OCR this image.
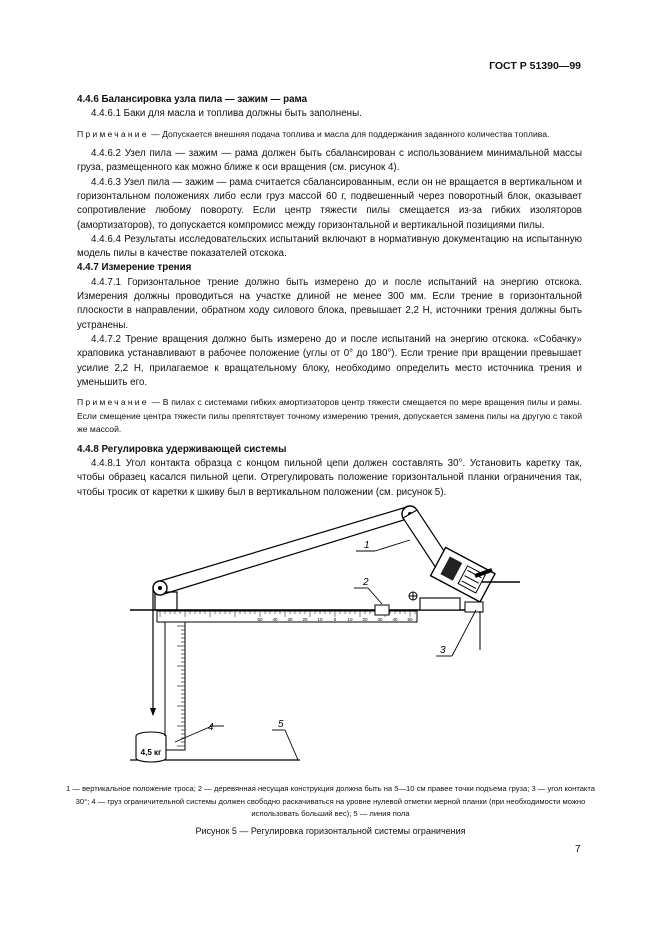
ГОСТ Р 51390—99

4.4.6 Балансировка узла пила — зажим — рама

4.4.6.1 Баки для масла и топлива должны быть заполнены.

Примечание — Допускается внешняя подача топлива и масла для поддержания заданного количества топлива.

4.4.6.2 Узел пила — зажим — рама должен быть сбалансирован с использованием минимальной массы груза, размещенного как можно ближе к оси вращения (см. рисунок 4).

4.4.6.3 Узел пила — зажим — рама считается сбалансированным, если он не вращается в вертикальном и горизонтальном положениях либо если груз массой 60 г, подвешенный через поворотный блок, оказывает сопротивление любому повороту. Если центр тяжести пилы смещается из-за гибких изоляторов (амортизаторов), то допускается компромисс между горизонтальной и вертикальной позициями пилы.

4.4.6.4 Результаты исследовательских испытаний включают в нормативную документацию на испытанную модель пилы в качестве показателей отскока.

4.4.7 Измерение трения

4.4.7.1 Горизонтальное трение должно быть измерено до и после испытаний на энергию отскока. Измерения должны проводиться на участке длиной не менее 300 мм. Если трение в горизонтальной плоскости в направлении, обратном ходу силового блока, превышает 2,2 Н, источники трения должны быть устранены.

4.4.7.2 Трение вращения должно быть измерено до и после испытаний на энергию отскока. «Собачку» храповика устанавливают в рабочее положение (углы от 0° до 180°). Если трение при вращении превышает усилие 2,2 Н, прилагаемое к вращательному блоку, необходимо определить место источника трения и уменьшить его.

Примечание — В пилах с системами гибких амортизаторов центр тяжести смещается по мере вращения пилы и рамы. Если смещение центра тяжести пилы препятствует точному измерению трения, допускается замена пилы на другую с такой же массой.

4.4.8 Регулировка удерживающей системы

4.4.8.1 Угол контакта образца с концом пильной цепи должен составлять 30°. Установить каретку так, чтобы образец касался пильной цепи. Отрегулировать положение горизонтальной планки ограничения так, чтобы тросик от каретки к шкиву был в вертикальном положении (см. рисунок 5).

50 40 30 20 10 0 10 20 30 40 50
4,5 кг
1
2
3
4	5
1 — вертикальное положение троса; 2 — деревянная несущая конструкция должна быть на 5—10 см правее точки подъема груза; 3 — угол контакта 30°; 4 — груз ограничительной системы должен свободно раскачиваться на уровне нулевой отметки мерной планки (при необходимости можно использовать больший вес); 5 — линия пола
Рисунок 5 — Регулировка горизонтальной системы ограничения
7
